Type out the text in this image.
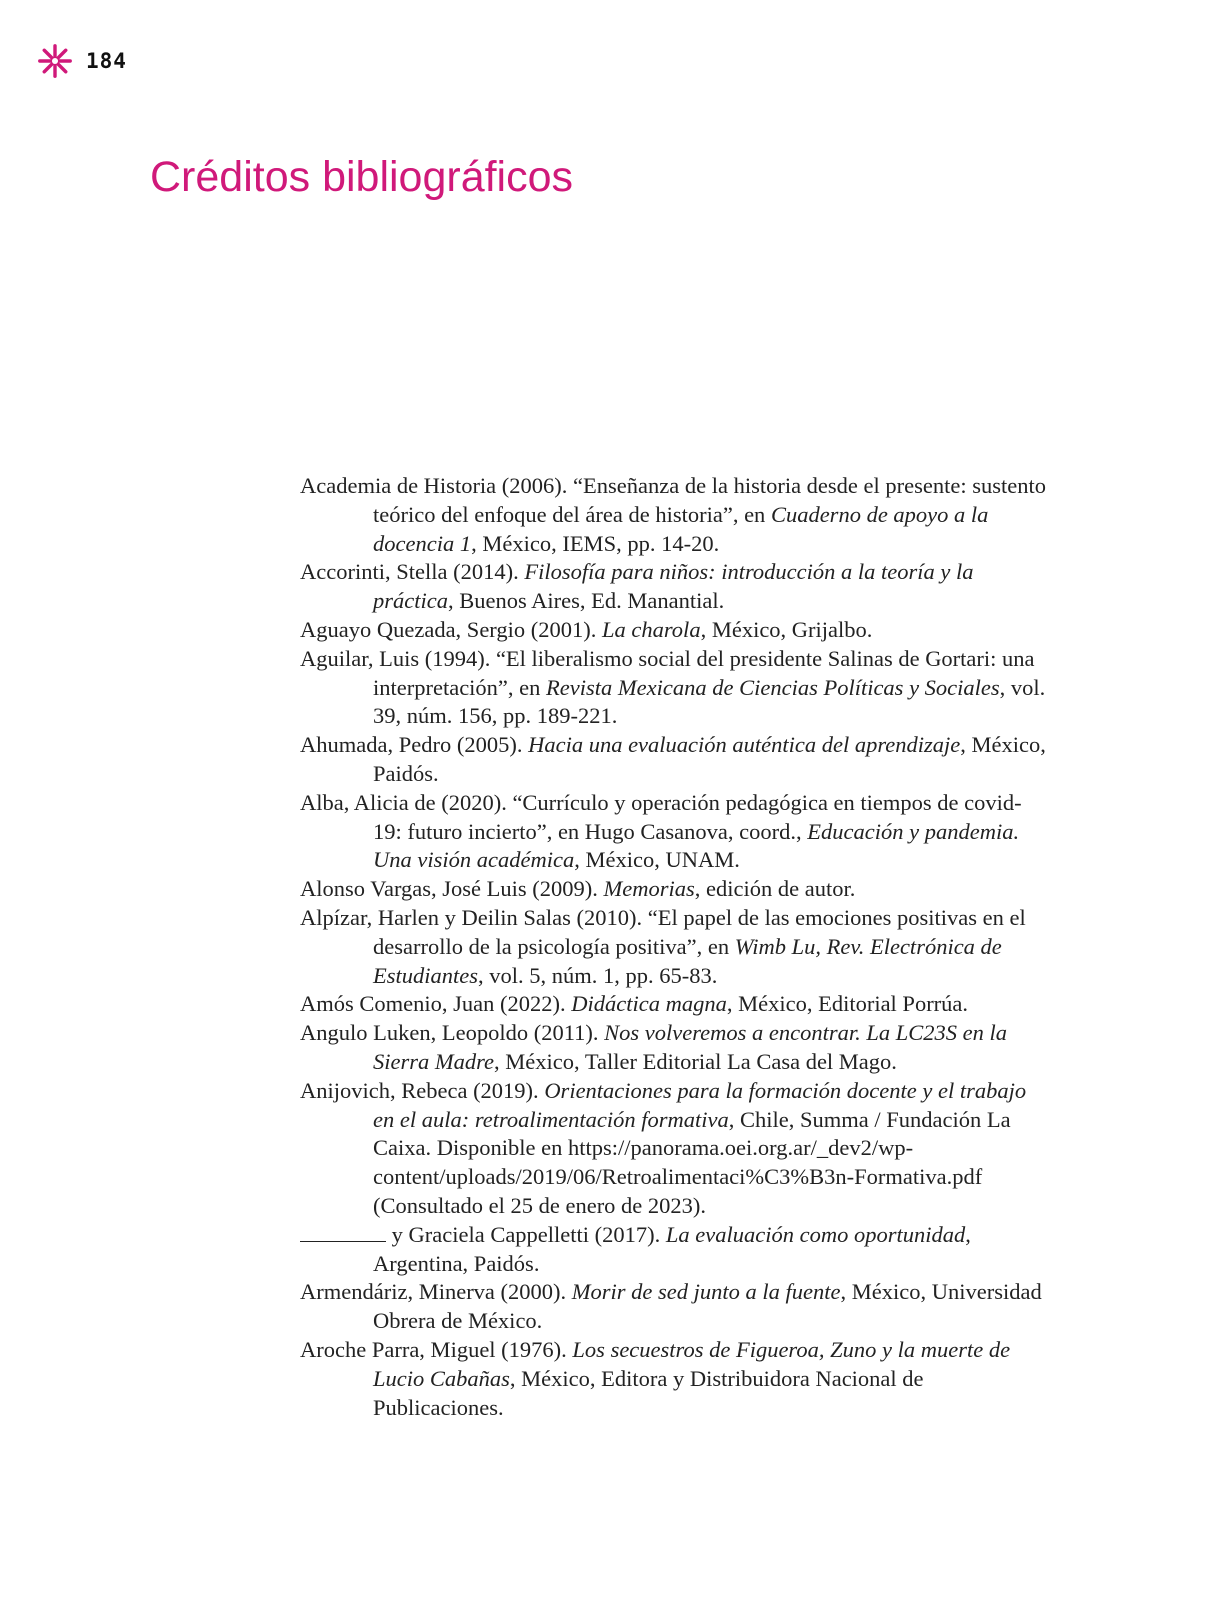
184
Créditos bibliográficos

Academia de Historia (2006). “Enseñanza de la historia desde el presente: sustento teórico del enfoque del área de historia”, en Cuaderno de apoyo a la docencia 1, México, IEMS, pp. 14-20.

Accorinti, Stella (2014). Filosofía para niños: introducción a la teoría y la práctica, Buenos Aires, Ed. Manantial.

Aguayo Quezada, Sergio (2001). La charola, México, Grijalbo.

Aguilar, Luis (1994). “El liberalismo social del presidente Salinas de Gortari: una interpretación”, en Revista Mexicana de Ciencias Políticas y Sociales, vol. 39, núm. 156, pp. 189-221.

Ahumada, Pedro (2005). Hacia una evaluación auténtica del aprendizaje, México, Paidós.

Alba, Alicia de (2020). “Currículo y operación pedagógica en tiempos de covid-19: futuro incierto”, en Hugo Casanova, coord., Educación y pandemia. Una visión académica, México, UNAM.

Alonso Vargas, José Luis (2009). Memorias, edición de autor.

Alpízar, Harlen y Deilin Salas (2010). “El papel de las emociones positivas en el desarrollo de la psicología positiva”, en Wimb Lu, Rev. Electrónica de Estudiantes, vol. 5, núm. 1, pp. 65-83.

Amós Comenio, Juan (2022). Didáctica magna, México, Editorial Porrúa.

Angulo Luken, Leopoldo (2011). Nos volveremos a encontrar. La LC23S en la Sierra Madre, México, Taller Editorial La Casa del Mago.

Anijovich, Rebeca (2019). Orientaciones para la formación docente y el trabajo en el aula: retroalimentación formativa, Chile, Summa / Fundación La Caixa. Disponible en https://panorama.oei.org.ar/_dev2/wp-content/uploads/2019/06/Retroalimentaci%C3%B3n-Formativa.pdf (Consultado el 25 de enero de 2023).

y Graciela Cappelletti (2017). La evaluación como oportunidad, Argentina, Paidós.

Armendáriz, Minerva (2000). Morir de sed junto a la fuente, México, Universidad Obrera de México.

Aroche Parra, Miguel (1976). Los secuestros de Figueroa, Zuno y la muerte de Lucio Cabañas, México, Editora y Distribuidora Nacional de Publicaciones.
